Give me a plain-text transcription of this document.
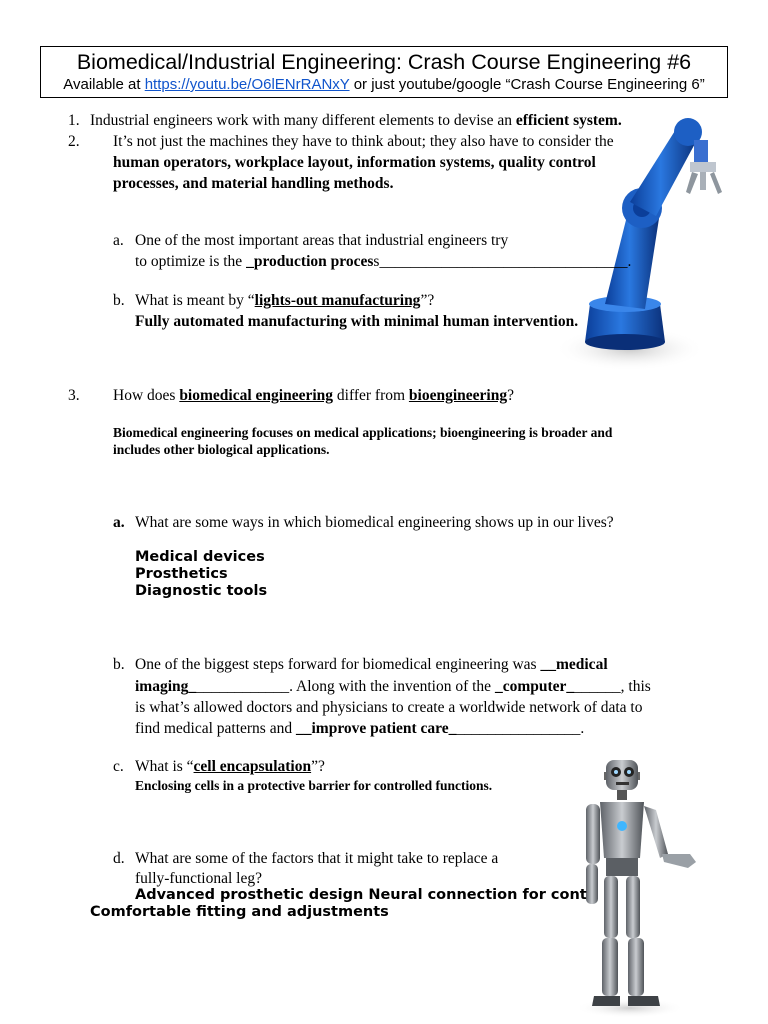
Biomedical/Industrial Engineering: Crash Course Engineering #6
Available at https://youtu.be/O6lENrRANxY or just youtube/google “Crash Course Engineering 6”
1. Industrial engineers work with many different elements to devise an efficient system.
2. It’s not just the machines they have to think about; they also have to consider the
human operators, workplace layout, information systems, quality control
processes, and material handling methods.
a. One of the most important areas that industrial engineers try
to optimize is the _production process________________________________.
b. What is meant by “lights-out manufacturing”?
Fully automated manufacturing with minimal human intervention.
3. How does biomedical engineering differ from bioengineering?
Biomedical engineering focuses on medical applications; bioengineering is broader and
includes other biological applications.
a. What are some ways in which biomedical engineering shows up in our lives?
Medical devices
Prosthetics
Diagnostic tools
b. One of the biggest steps forward for biomedical engineering was __medical
imaging_____________. Along with the invention of the _computer_______, this
is what’s allowed doctors and physicians to create a worldwide network of data to
find medical patterns and __improve patient care_________________.
c. What is “cell encapsulation”?
Enclosing cells in a protective barrier for controlled functions.
d. What are some of the factors that it might take to replace a
fully-functional leg?
Advanced prosthetic design Neural connection for cont
Comfortable fitting and adjustments
